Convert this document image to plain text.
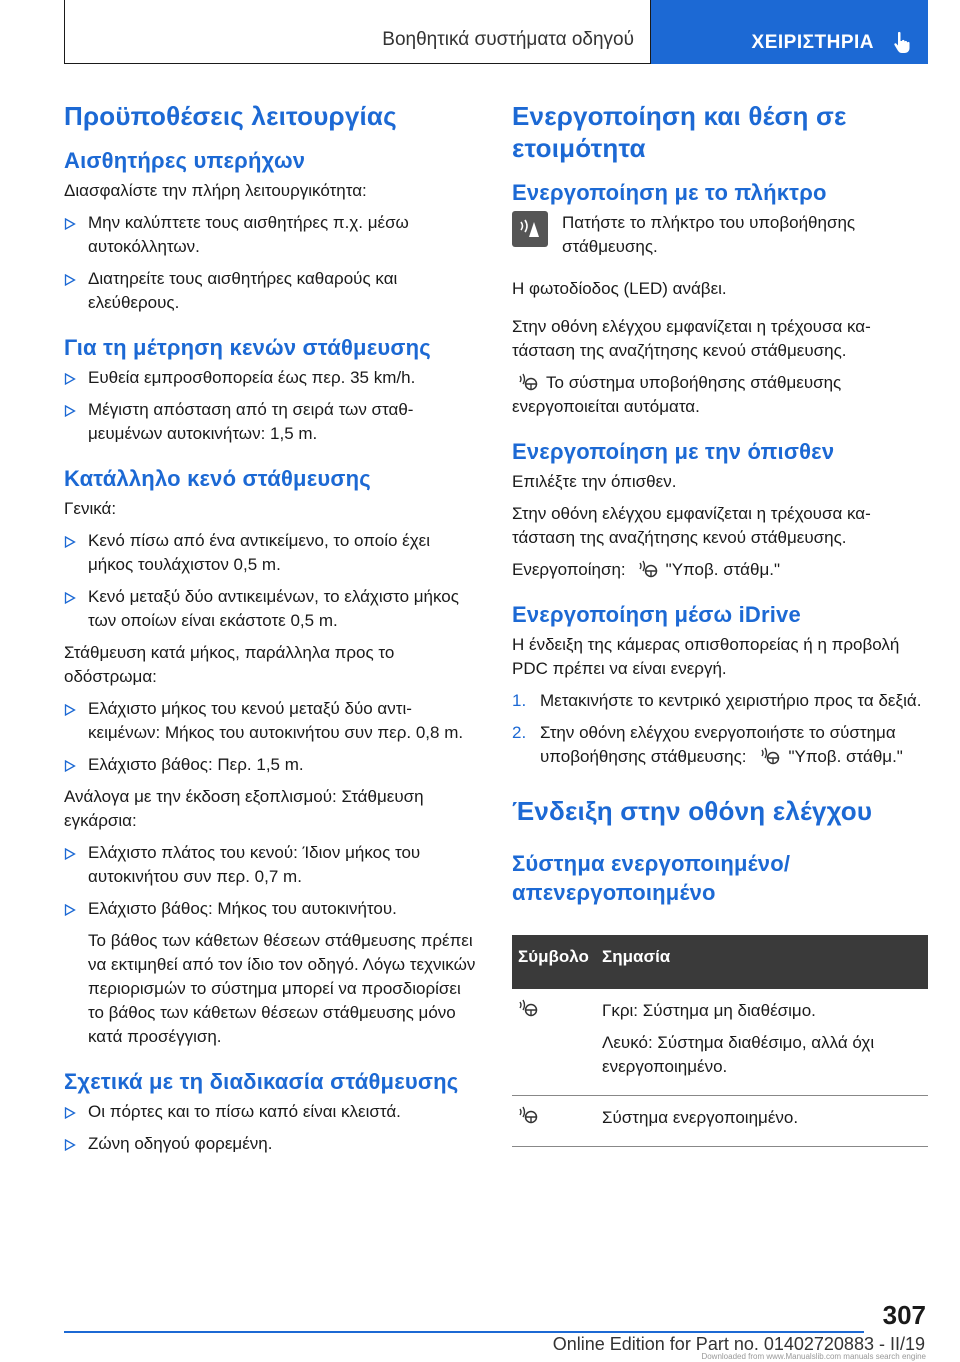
Βοηθητικά συστήματα οδηγού	ΧΕΙΡΙΣΤΗΡΙΑ
Προϋποθέσεις λειτουργίας
Αισθητήρες υπερήχων

Διασφαλίστε την πλήρη λειτουργικότητα:

Μην καλύπτετε τους αισθητήρες π.χ. μέσω αυτοκόλλητων.
Διατηρείτε τους αισθητήρες καθαρούς και ελεύθερους.
Για τη μέτρηση κενών στάθμευσης
Ευθεία εμπροσθοπορεία έως περ. 35 km/h.
Μέγιστη απόσταση από τη σειρά των σταθμευμένων αυτοκινήτων: 1,5 m.
Κατάλληλο κενό στάθμευσης

Γενικά:

Κενό πίσω από ένα αντικείμενο, το οποίο έχει μήκος τουλάχιστον 0,5 m.
Κενό μεταξύ δύο αντικειμένων, το ελάχιστο μήκος των οποίων είναι εκάστοτε 0,5 m.

Στάθμευση κατά μήκος, παράλληλα προς το οδόστρωμα:

Ελάχιστο μήκος του κενού μεταξύ δύο αντικειμένων: Μήκος του αυτοκινήτου συν περ. 0,8 m.
Ελάχιστο βάθος: Περ. 1,5 m.

Ανάλογα με την έκδοση εξοπλισμού: Στάθμευση εγκάρσια:

Ελάχιστο πλάτος του κενού: Ίδιον μήκος του αυτοκινήτου συν περ. 0,7 m.
Ελάχιστο βάθος: Μήκος του αυτοκινήτου.
Το βάθος των κάθετων θέσεων στάθμευσης πρέπει να εκτιμηθεί από τον ίδιο τον οδηγό. Λόγω τεχνικών περιορισμών το σύστημα μπορεί να προσδιορίσει το βάθος των κάθετων θέσεων στάθμευσης μόνο κατά προσέγγιση.
Σχετικά με τη διαδικασία στάθμευσης
Οι πόρτες και το πίσω καπό είναι κλειστά.
Ζώνη οδηγού φορεμένη.
Ενεργοποίηση και θέση σε ετοιμότητα
Ενεργοποίηση με το πλήκτρο

Πατήστε το πλήκτρο του υποβοήθησης στάθμευσης.

Η φωτοδίοδος (LED) ανάβει.

Στην οθόνη ελέγχου εμφανίζεται η τρέχουσα κατάσταση της αναζήτησης κενού στάθμευσης.

Το σύστημα υποβοήθησης στάθμευσης ενεργοποιείται αυτόματα.

Ενεργοποίηση με την όπισθεν

Επιλέξτε την όπισθεν.

Στην οθόνη ελέγχου εμφανίζεται η τρέχουσα κατάσταση της αναζήτησης κενού στάθμευσης.

Ενεργοποίηση: "Υποβ. στάθμ."

Ενεργοποίηση μέσω iDrive

Η ένδειξη της κάμερας οπισθοπορείας ή η προβολή PDC πρέπει να είναι ενεργή.

1. Μετακινήστε το κεντρικό χειριστήριο προς τα δεξιά.
2. Στην οθόνη ελέγχου ενεργοποιήστε το σύστημα υποβοήθησης στάθμευσης: "Υποβ. στάθμ."
Ένδειξη στην οθόνη ελέγχου
Σύστημα ενεργοποιημένο/απενεργοποιημένο
Σύμβολο	Σημασία

Γκρι: Σύστημα μη διαθέσιμο.

Λευκό: Σύστημα διαθέσιμο, αλλά όχι ενεργοποιημένο.

Σύστημα ενεργοποιημένο.

307
Online Edition for Part no. 01402720883 - II/19
Downloaded from www.Manualslib.com manuals search engine
